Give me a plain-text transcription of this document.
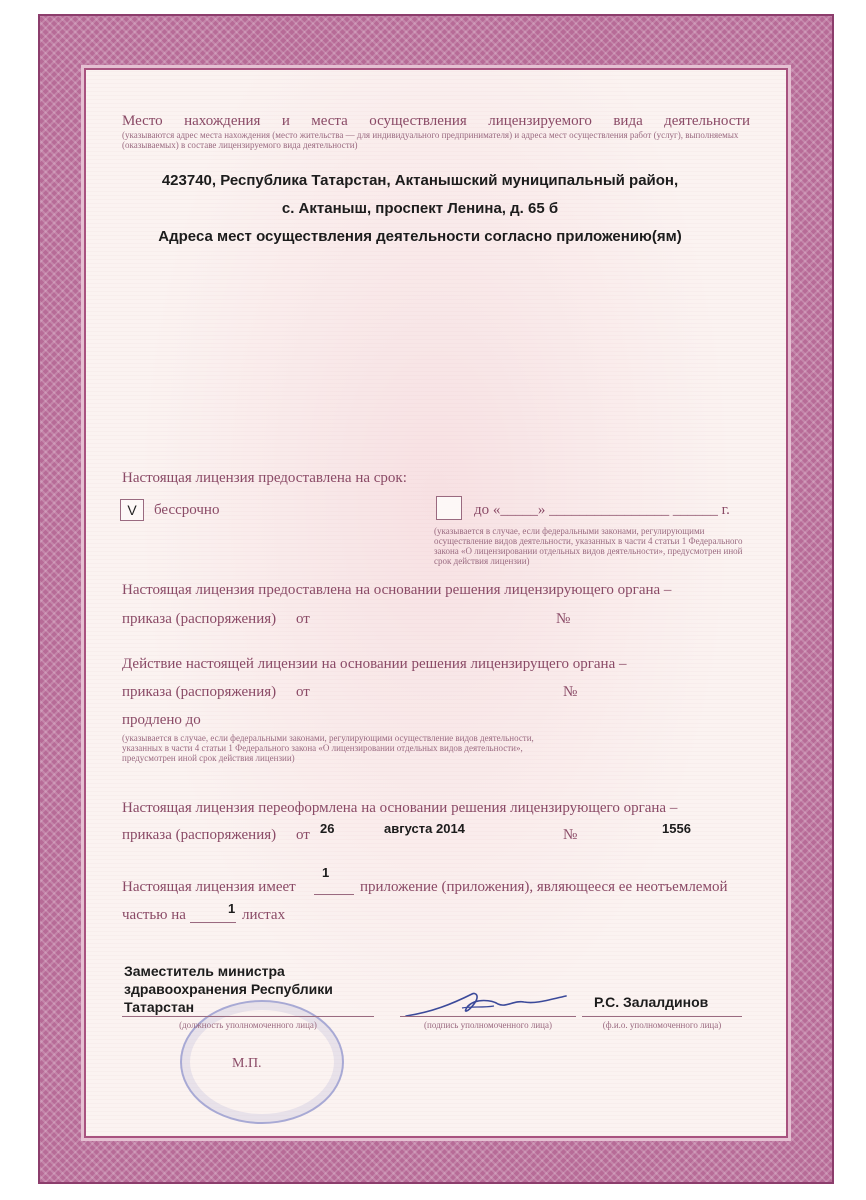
Место нахождения и места осуществления лицензируемого вида деятельности
(указываются адрес места нахождения (место жительства — для индивидуального предпринимателя) и адреса мест осуществления работ (услуг), выполняемых (оказываемых) в составе лицензируемого вида деятельности)
423740, Республика Татарстан, Актанышский муниципальный район,
с. Актаныш, проспект Ленина, д. 65 б
Адреса мест осуществления деятельности согласно приложению(ям)
Настоящая лицензия предоставлена на срок:
V	бессрочно	до «_____» ________________ ______ г.
(указывается в случае, если федеральными законами, регулирующими осуществление видов деятельности, указанных в части 4 статьи 1 Федерального закона «О лицензировании отдельных видов деятельности», предусмотрен иной срок действия лицензии)
Настоящая лицензия предоставлена на основании решения лицензирующего органа –
приказа (распоряжения) от	№
Действие настоящей лицензии на основании решения лицензирущего органа –
приказа (распоряжения) от	№
продлено до
(указывается в случае, если федеральными законами, регулирующими осуществление видов деятельности, указанных в части 4 статьи 1 Федерального закона «О лицензировании отдельных видов деятельности», предусмотрен иной срок действия лицензии)
Настоящая лицензия переоформлена на основании решения лицензирующего органа –
приказа (распоряжения) от 26	августа 2014	№	1556
Настоящая лицензия имеет
1
приложение (приложения), являющееся ее неотъемлемой
частью на	1 листах
Заместитель министра здравоохранения Республики Татарстан
(должность уполномоченного лица)	(подпись уполномоченного лица)
Р.С. Залалдинов
(ф.и.о. уполномоченного лица)
М.П.
